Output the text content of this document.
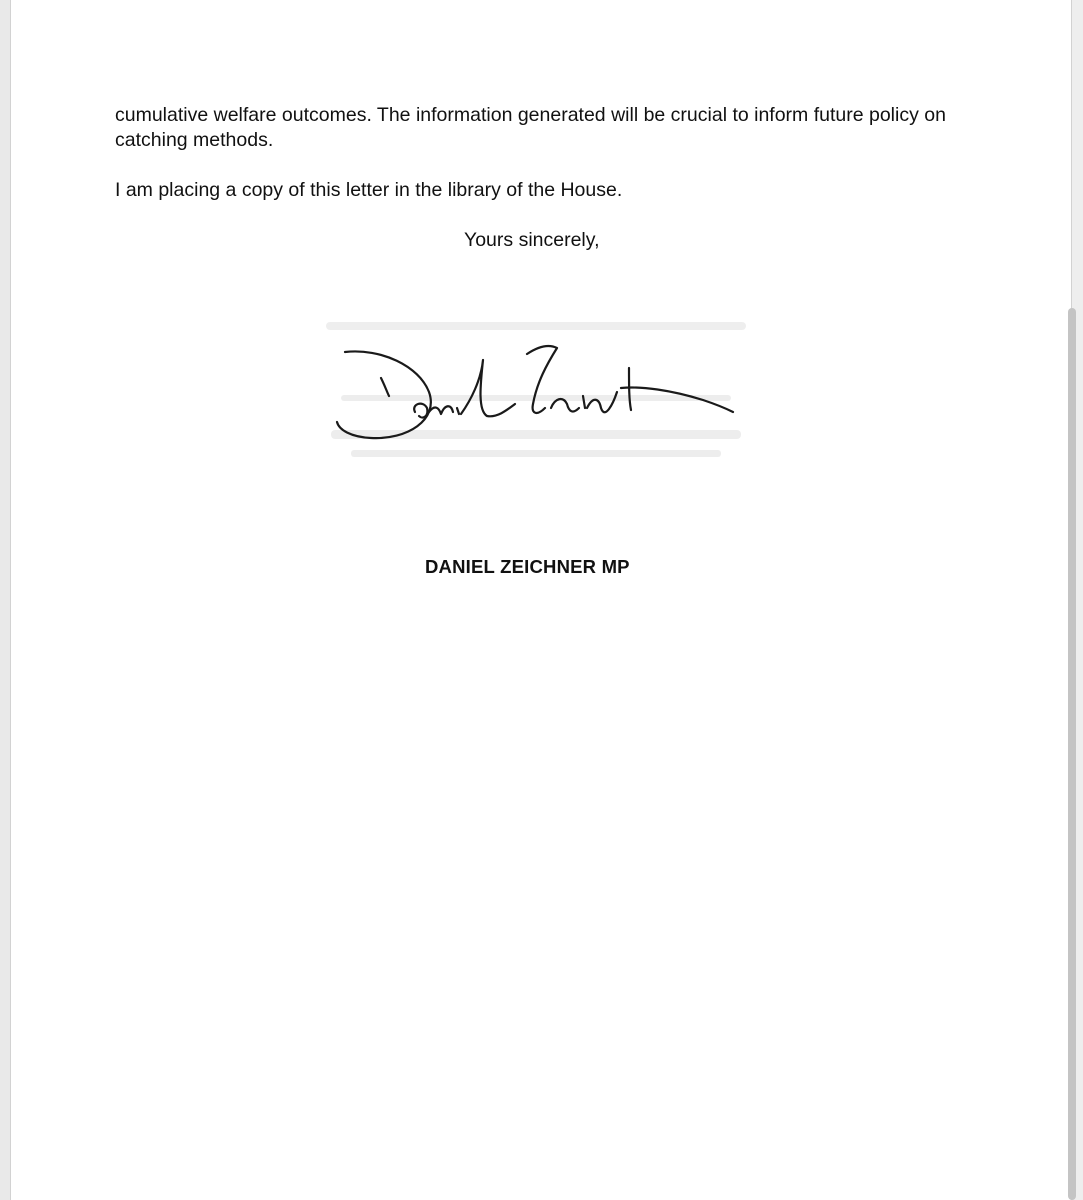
cumulative welfare outcomes. The information generated will be crucial to inform future policy on catching methods.

I am placing a copy of this letter in the library of the House.

Yours sincerely,
DANIEL ZEICHNER MP
